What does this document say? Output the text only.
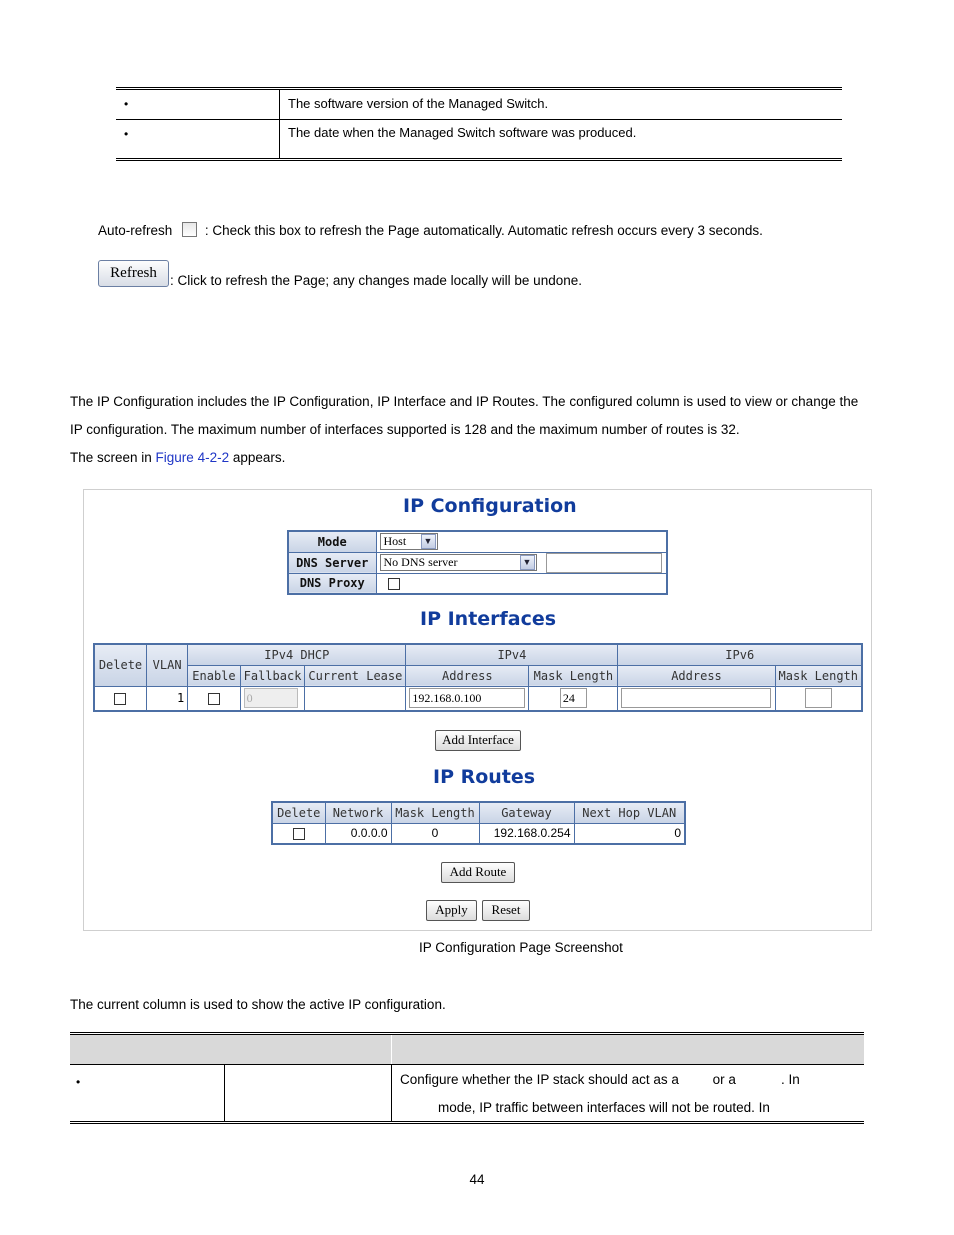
•	The software version of the Managed Switch.
•	The date when the Managed Switch software was produced.
Auto-refresh : Check this box to refresh the Page automatically. Automatic refresh occurs every 3 seconds.
Refresh : Click to refresh the Page; any changes made locally will be undone.
The IP Configuration includes the IP Configuration, IP Interface and IP Routes. The configured column is used to view or change the
IP configuration. The maximum number of interfaces supported is 128 and the maximum number of routes is 32.
The screen in Figure 4-2-2 appears.
IP Configuration
Mode	Host ▼

DNS Server	No DNS server ▼

DNS Proxy	
IP Interfaces
Delete	VLAN	IPv4 DHCP			IPv4		IPv6	
		Enable	Fallback	Current Lease	Address	Mask Length	Address	Mask Length
	1		0		192.168.0.100	24		
Add Interface
IP Routes
Delete	Network	Mask Length	Gateway	Next Hop VLAN
	0.0.0.0	0	192.168.0.254	0
Add Route
Apply	Reset
IP Configuration Page Screenshot
The current column is used to show the active IP configuration.
•	Configure whether the IP stack should act as a         or a            . In
mode, IP traffic between interfaces will not be routed. In
44
